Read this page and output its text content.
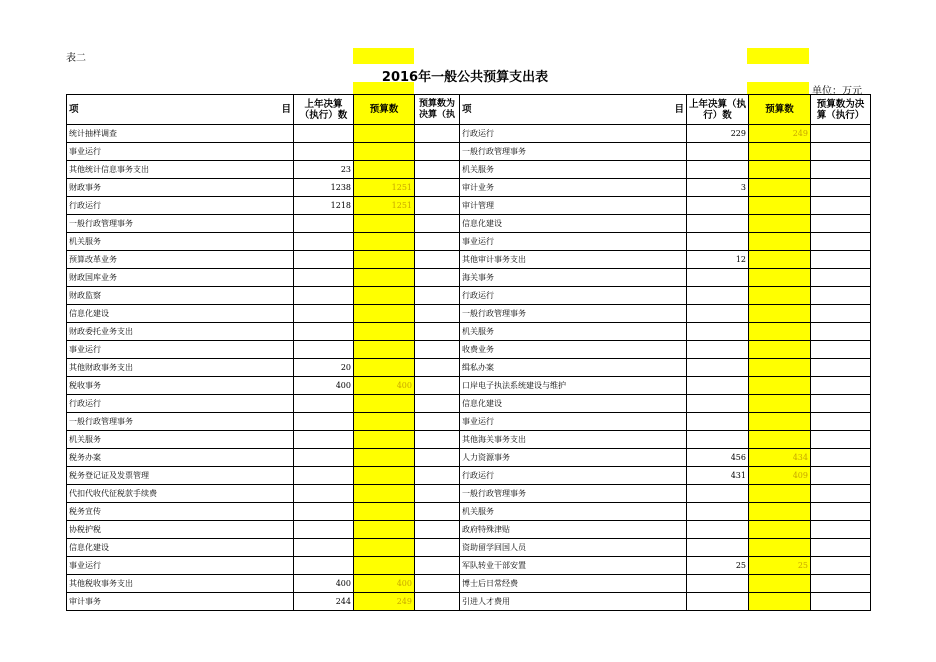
表二
2016年一般公共预算支出表
单位：万元
项 目	上年决算（执行）数	预算数	预算数为决算（执	项 目	上年决算（执行）数	预算数	预算数为决算（执行）
统计抽样调查				行政运行	229	249	
事业运行				一般行政管理事务			
其他统计信息事务支出	23			机关服务			
财政事务	1238	1251		审计业务	3		
行政运行	1218	1251		审计管理			
一般行政管理事务				信息化建设			
机关服务				事业运行			
预算改革业务				其他审计事务支出	12		
财政国库业务				海关事务			
财政监察				行政运行			
信息化建设				一般行政管理事务			
财政委托业务支出				机关服务			
事业运行				收费业务			
其他财政事务支出	20			缉私办案			
税收事务	400	400		口岸电子执法系统建设与维护			
行政运行				信息化建设			
一般行政管理事务				事业运行			
机关服务				其他海关事务支出			
税务办案				人力资源事务	456	434	
税务登记证及发票管理				行政运行	431	409	
代扣代收代征税款手续费				一般行政管理事务			
税务宣传				机关服务			
协税护税				政府特殊津贴			
信息化建设				资助留学回国人员			
事业运行				军队转业干部安置	25	25	
其他税收事务支出	400	400		博士后日常经费			
审计事务	244	249		引进人才费用			
